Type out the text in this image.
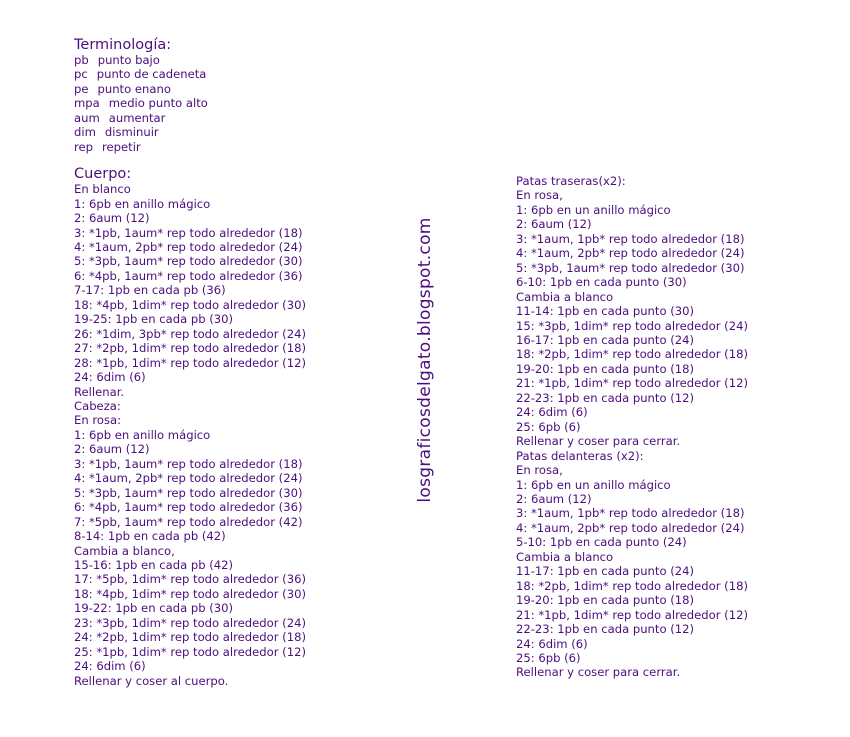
Terminología:
pb punto bajo
pc punto de cadeneta
pe punto enano
mpa medio punto alto
aum aumentar
dim disminuir
rep repetir
Cuerpo:
En blanco
1: 6pb en anillo mágico
2: 6aum (12)
3: *1pb, 1aum* rep todo alrededor (18)
4: *1aum, 2pb* rep todo alrededor (24)
5: *3pb, 1aum* rep todo alrededor (30)
6: *4pb, 1aum* rep todo alrededor (36)
7-17: 1pb en cada pb (36)
18: *4pb, 1dim* rep todo alrededor (30)
19-25: 1pb en cada pb (30)
26: *1dim, 3pb* rep todo alrededor (24)
27: *2pb, 1dim* rep todo alrededor (18)
28: *1pb, 1dim* rep todo alrededor (12)
24: 6dim (6)
Rellenar.
Cabeza:
En rosa:
1: 6pb en anillo mágico
2: 6aum (12)
3: *1pb, 1aum* rep todo alrededor (18)
4: *1aum, 2pb* rep todo alrededor (24)
5: *3pb, 1aum* rep todo alrededor (30)
6: *4pb, 1aum* rep todo alrededor (36)
7: *5pb, 1aum* rep todo alrededor (42)
8-14: 1pb en cada pb (42)
Cambia a blanco,
15-16: 1pb en cada pb (42)
17: *5pb, 1dim* rep todo alrededor (36)
18: *4pb, 1dim* rep todo alrededor (30)
19-22: 1pb en cada pb (30)
23: *3pb, 1dim* rep todo alrededor (24)
24: *2pb, 1dim* rep todo alrededor (18)
25: *1pb, 1dim* rep todo alrededor (12)
24: 6dim (6)
Rellenar y coser al cuerpo.
losgraficosdelgato.blogspot.com
Patas traseras(x2):
En rosa,
1: 6pb en un anillo mágico
2: 6aum (12)
3: *1aum, 1pb* rep todo alrededor (18)
4: *1aum, 2pb* rep todo alrededor (24)
5: *3pb, 1aum* rep todo alrededor (30)
6-10: 1pb en cada punto (30)
Cambia a blanco
11-14: 1pb en cada punto (30)
15: *3pb, 1dim* rep todo alrededor (24)
16-17: 1pb en cada punto (24)
18: *2pb, 1dim* rep todo alrededor (18)
19-20: 1pb en cada punto (18)
21: *1pb, 1dim* rep todo alrededor (12)
22-23: 1pb en cada punto (12)
24: 6dim (6)
25: 6pb (6)
Rellenar y coser para cerrar.
Patas delanteras (x2):
En rosa,
1: 6pb en un anillo mágico
2: 6aum (12)
3: *1aum, 1pb* rep todo alrededor (18)
4: *1aum, 2pb* rep todo alrededor (24)
5-10: 1pb en cada punto (24)
Cambia a blanco
11-17: 1pb en cada punto (24)
18: *2pb, 1dim* rep todo alrededor (18)
19-20: 1pb en cada punto (18)
21: *1pb, 1dim* rep todo alrededor (12)
22-23: 1pb en cada punto (12)
24: 6dim (6)
25: 6pb (6)
Rellenar y coser para cerrar.
